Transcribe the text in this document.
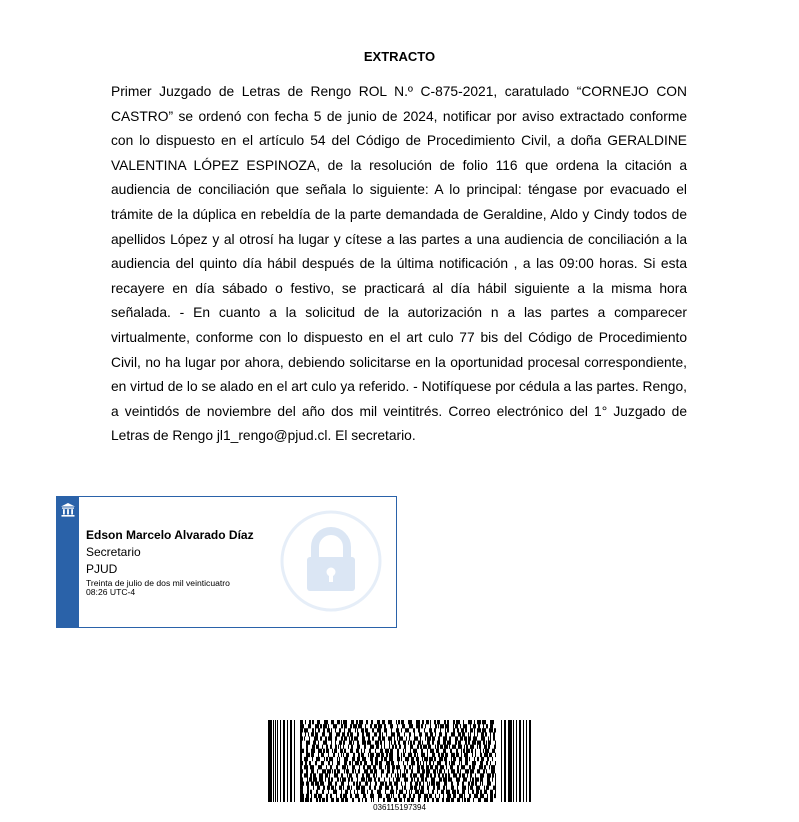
EXTRACTO

Primer Juzgado de Letras de Rengo ROL N.º C-875-2021, caratulado “CORNEJO CON CASTRO” se ordenó con fecha 5 de junio de 2024, notificar por aviso extractado conforme con lo dispuesto en el artículo 54 del Código de Procedimiento Civil, a doña GERALDINE VALENTINA LÓPEZ ESPINOZA, de la resolución de folio 116 que ordena la citación a audiencia de conciliación que señala lo siguiente: A lo principal: téngase por evacuado el trámite de la dúplica en rebeldía de la parte demandada de Geraldine, Aldo y Cindy todos de apellidos López y al otrosí ha lugar y cítese a las partes a una audiencia de conciliación a la audiencia del quinto día hábil después de la última notificación , a las 09:00 horas. Si esta recayere en día sábado o festivo, se practicará al día hábil siguiente a la misma hora señalada. - En cuanto a la solicitud de la autorización n a las partes a comparecer virtualmente, conforme con lo dispuesto en el art culo 77 bis del Código de Procedimiento Civil, no ha lugar por ahora, debiendo solicitarse en la oportunidad procesal correspondiente, en virtud de lo se alado en el art culo ya referido. - Notifíquese por cédula a las partes. Rengo, a veintidós de noviembre del año dos mil veintitrés. Correo electrónico del 1° Juzgado de Letras de Rengo jl1_rengo@pjud.cl. El secretario.

Edson Marcelo Alvarado Díaz
Secretario
PJUD
Treinta de julio de dos mil veinticuatro
08:26 UTC-4
036115197394
